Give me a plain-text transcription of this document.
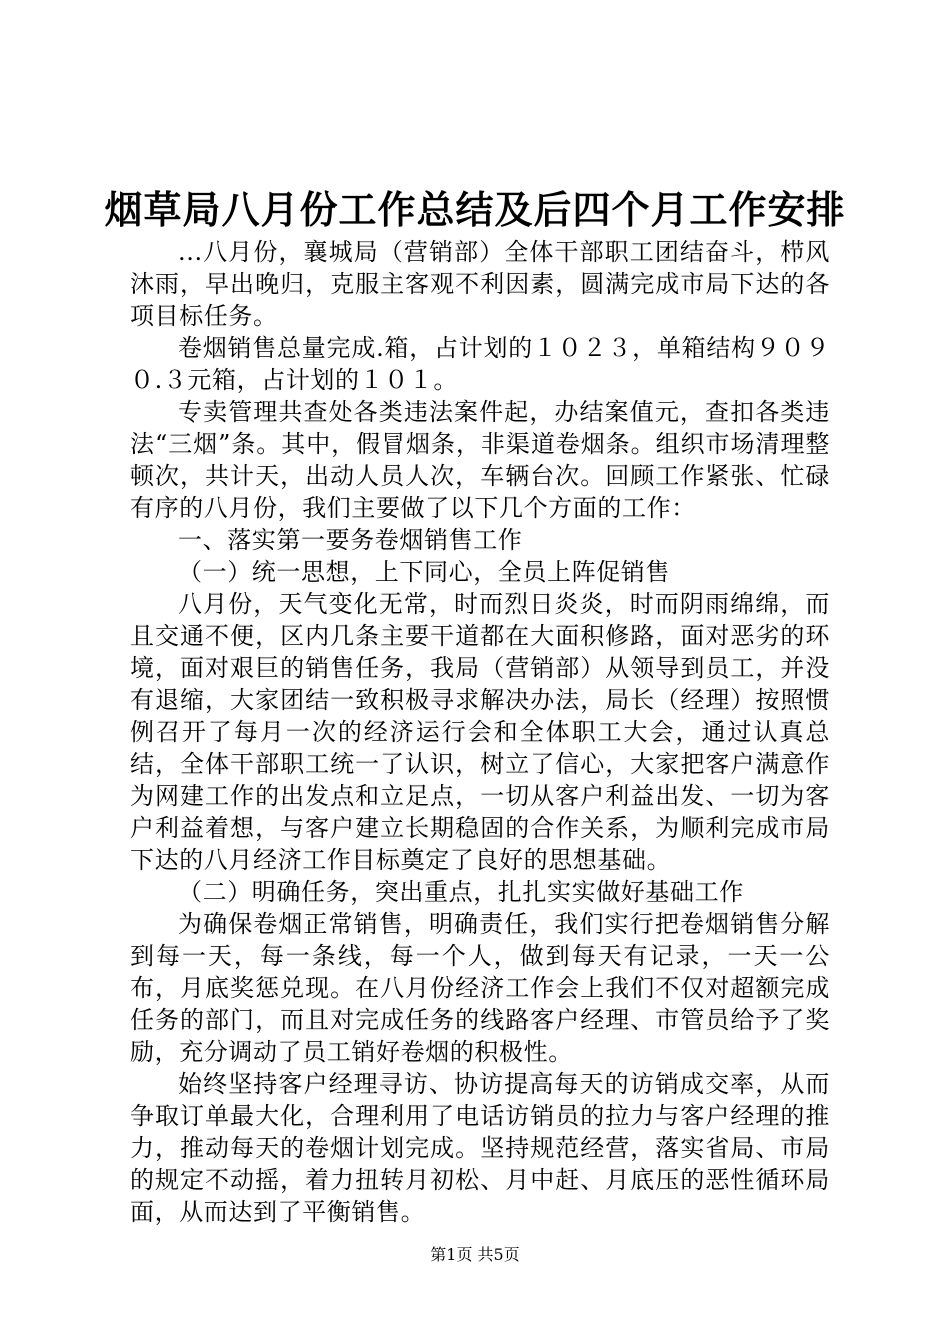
烟草局八月份工作总结及后四个月工作安排

...八月份，襄城局（营销部）全体干部职工团结奋斗，栉风沐雨，早出晚归，克服主客观不利因素，圆满完成市局下达的各项目标任务。

卷烟销售总量完成.箱，占计划的１０２３，单箱结构９０９０.３元箱，占计划的１０１。

专卖管理共查处各类违法案件起，办结案值元，查扣各类违法“三烟”条。其中，假冒烟条，非渠道卷烟条。组织市场清理整顿次，共计天，出动人员人次，车辆台次。回顾工作紧张、忙碌有序的八月份，我们主要做了以下几个方面的工作：

一、落实第一要务卷烟销售工作

（一）统一思想，上下同心，全员上阵促销售

八月份，天气变化无常，时而烈日炎炎，时而阴雨绵绵，而且交通不便，区内几条主要干道都在大面积修路，面对恶劣的环境，面对艰巨的销售任务，我局（营销部）从领导到员工，并没有退缩，大家团结一致积极寻求解决办法，局长（经理）按照惯例召开了每月一次的经济运行会和全体职工大会，通过认真总结，全体干部职工统一了认识，树立了信心，大家把客户满意作为网建工作的出发点和立足点，一切从客户利益出发、一切为客户利益着想，与客户建立长期稳固的合作关系，为顺利完成市局下达的八月经济工作目标奠定了良好的思想基础。

（二）明确任务，突出重点，扎扎实实做好基础工作

为确保卷烟正常销售，明确责任，我们实行把卷烟销售分解到每一天，每一条线，每一个人，做到每天有记录，一天一公布，月底奖惩兑现。在八月份经济工作会上我们不仅对超额完成任务的部门，而且对完成任务的线路客户经理、市管员给予了奖励，充分调动了员工销好卷烟的积极性。

始终坚持客户经理寻访、协访提高每天的访销成交率，从而争取订单最大化，合理利用了电话访销员的拉力与客户经理的推力，推动每天的卷烟计划完成。坚持规范经营，落实省局、市局的规定不动摇，着力扭转月初松、月中赶、月底压的恶性循环局面，从而达到了平衡销售。

第1页 共5页
